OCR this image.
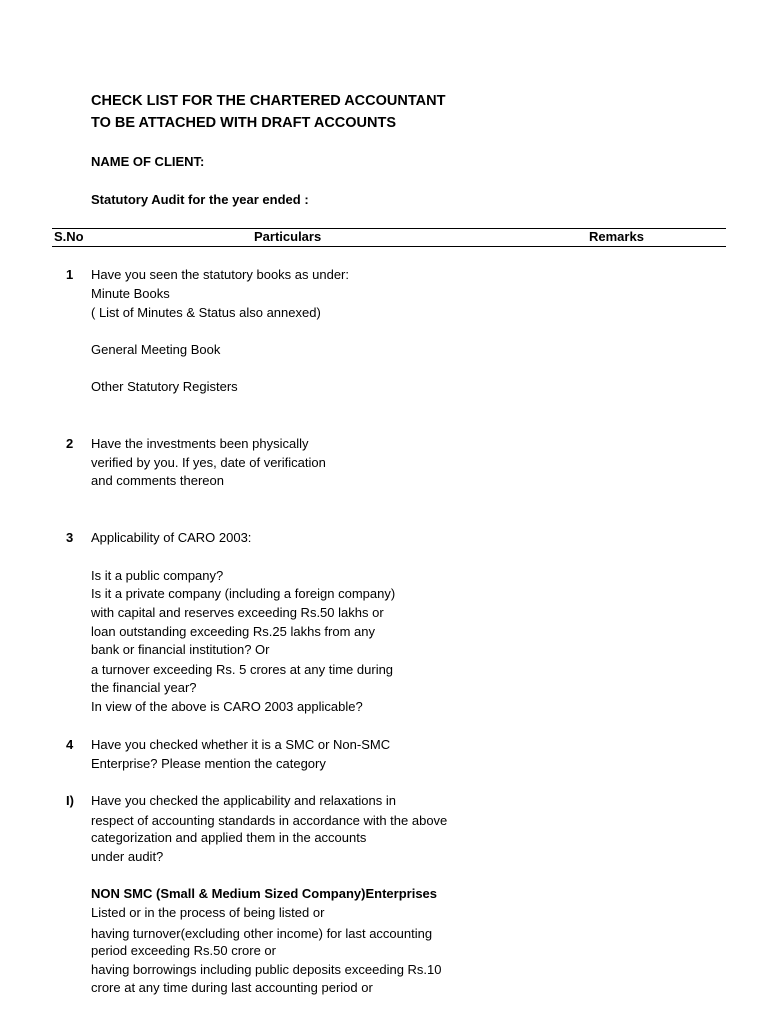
CHECK LIST FOR THE CHARTERED ACCOUNTANT
TO BE ATTACHED WITH DRAFT ACCOUNTS
NAME OF CLIENT:
Statutory Audit for the year ended :
S.No	Particulars	Remarks
1 Have you seen the statutory books as under:
Minute Books
( List of Minutes & Status also annexed)
General Meeting Book
Other Statutory Registers
2 Have the investments been physically
verified by you. If yes, date of verification
and comments thereon
3 Applicability of CARO 2003:
Is it a public company?
Is it a private company (including a foreign company)
with capital and reserves exceeding Rs.50 lakhs or
loan outstanding exceeding Rs.25 lakhs from any
bank or financial institution? Or
a turnover exceeding Rs. 5 crores at any time during
the financial year?
In view of the above is CARO 2003 applicable?
4 Have you checked whether it is a SMC or Non-SMC
Enterprise? Please mention the category
I) Have you checked the applicability and relaxations in
respect of accounting standards in accordance with the above
categorization and applied them in the accounts
under audit?
NON SMC (Small & Medium Sized Company)Enterprises
Listed or in the process of being listed or
having turnover(excluding other income) for last accounting
period exceeding Rs.50 crore or
having borrowings including public deposits exceeding Rs.10
crore at any time during last accounting period or
